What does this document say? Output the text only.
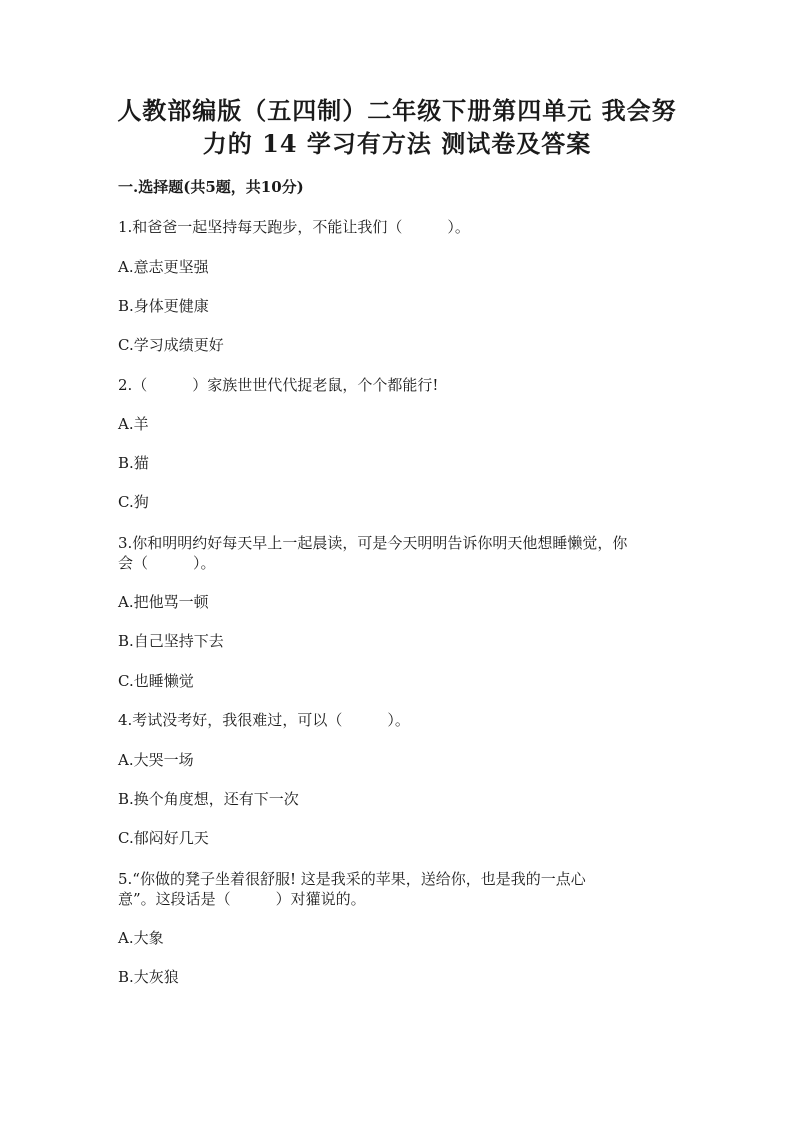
人教部编版（五四制）二年级下册第四单元 我会努
力的 14 学习有方法 测试卷及答案
一.选择题(共5题，共10分)
1.和爸爸一起坚持每天跑步，不能让我们（　　　）。
A.意志更坚强
B.身体更健康
C.学习成绩更好
2.（　　　）家族世世代代捉老鼠，个个都能行!
A.羊
B.猫
C.狗
3.你和明明约好每天早上一起晨读，可是今天明明告诉你明天他想睡懒觉，你
会（　　　）。
A.把他骂一顿
B.自己坚持下去
C.也睡懒觉
4.考试没考好，我很难过，可以（　　　）。
A.大哭一场
B.换个角度想，还有下一次
C.郁闷好几天
5.“你做的凳子坐着很舒服! 这是我采的苹果，送给你，也是我的一点心
意”。这段话是（　　　）对獾说的。
A.大象
B.大灰狼
